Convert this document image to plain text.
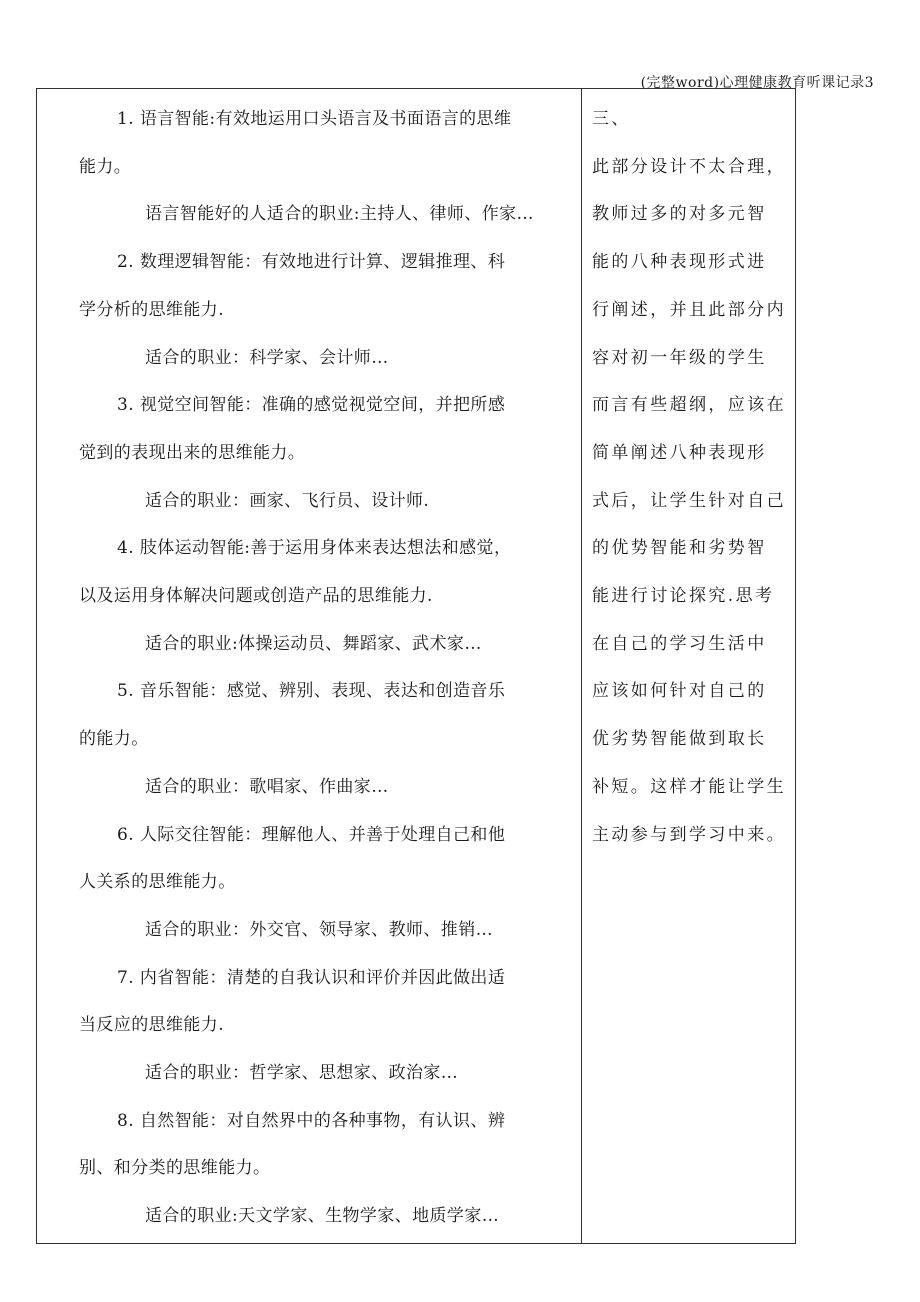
(完整word)心理健康教育听课记录3
1. 语言智能:有效地运用口头语言及书面语言的思维
能力。
语言智能好的人适合的职业:主持人、律师、作家…
2. 数理逻辑智能：有效地进行计算、逻辑推理、科
学分析的思维能力.
适合的职业：科学家、会计师…
3. 视觉空间智能：准确的感觉视觉空间，并把所感
觉到的表现出来的思维能力。
适合的职业：画家、飞行员、设计师.
4. 肢体运动智能:善于运用身体来表达想法和感觉，
以及运用身体解决问题或创造产品的思维能力.
适合的职业:体操运动员、舞蹈家、武术家…
5. 音乐智能：感觉、辨别、表现、表达和创造音乐
的能力。
适合的职业：歌唱家、作曲家…
6. 人际交往智能：理解他人、并善于处理自己和他
人关系的思维能力。
适合的职业：外交官、领导家、教师、推销…
7. 内省智能：清楚的自我认识和评价并因此做出适
当反应的思维能力.
适合的职业：哲学家、思想家、政治家…
8. 自然智能：对自然界中的各种事物，有认识、辨
别、和分类的思维能力。
适合的职业:天文学家、生物学家、地质学家…
三、
此部分设计不太合理，
教师过多的对多元智
能的八种表现形式进
行阐述，并且此部分内
容对初一年级的学生
而言有些超纲，应该在
简单阐述八种表现形
式后，让学生针对自己
的优势智能和劣势智
能进行讨论探究.思考
在自己的学习生活中
应该如何针对自己的
优劣势智能做到取长
补短。这样才能让学生
主动参与到学习中来。
